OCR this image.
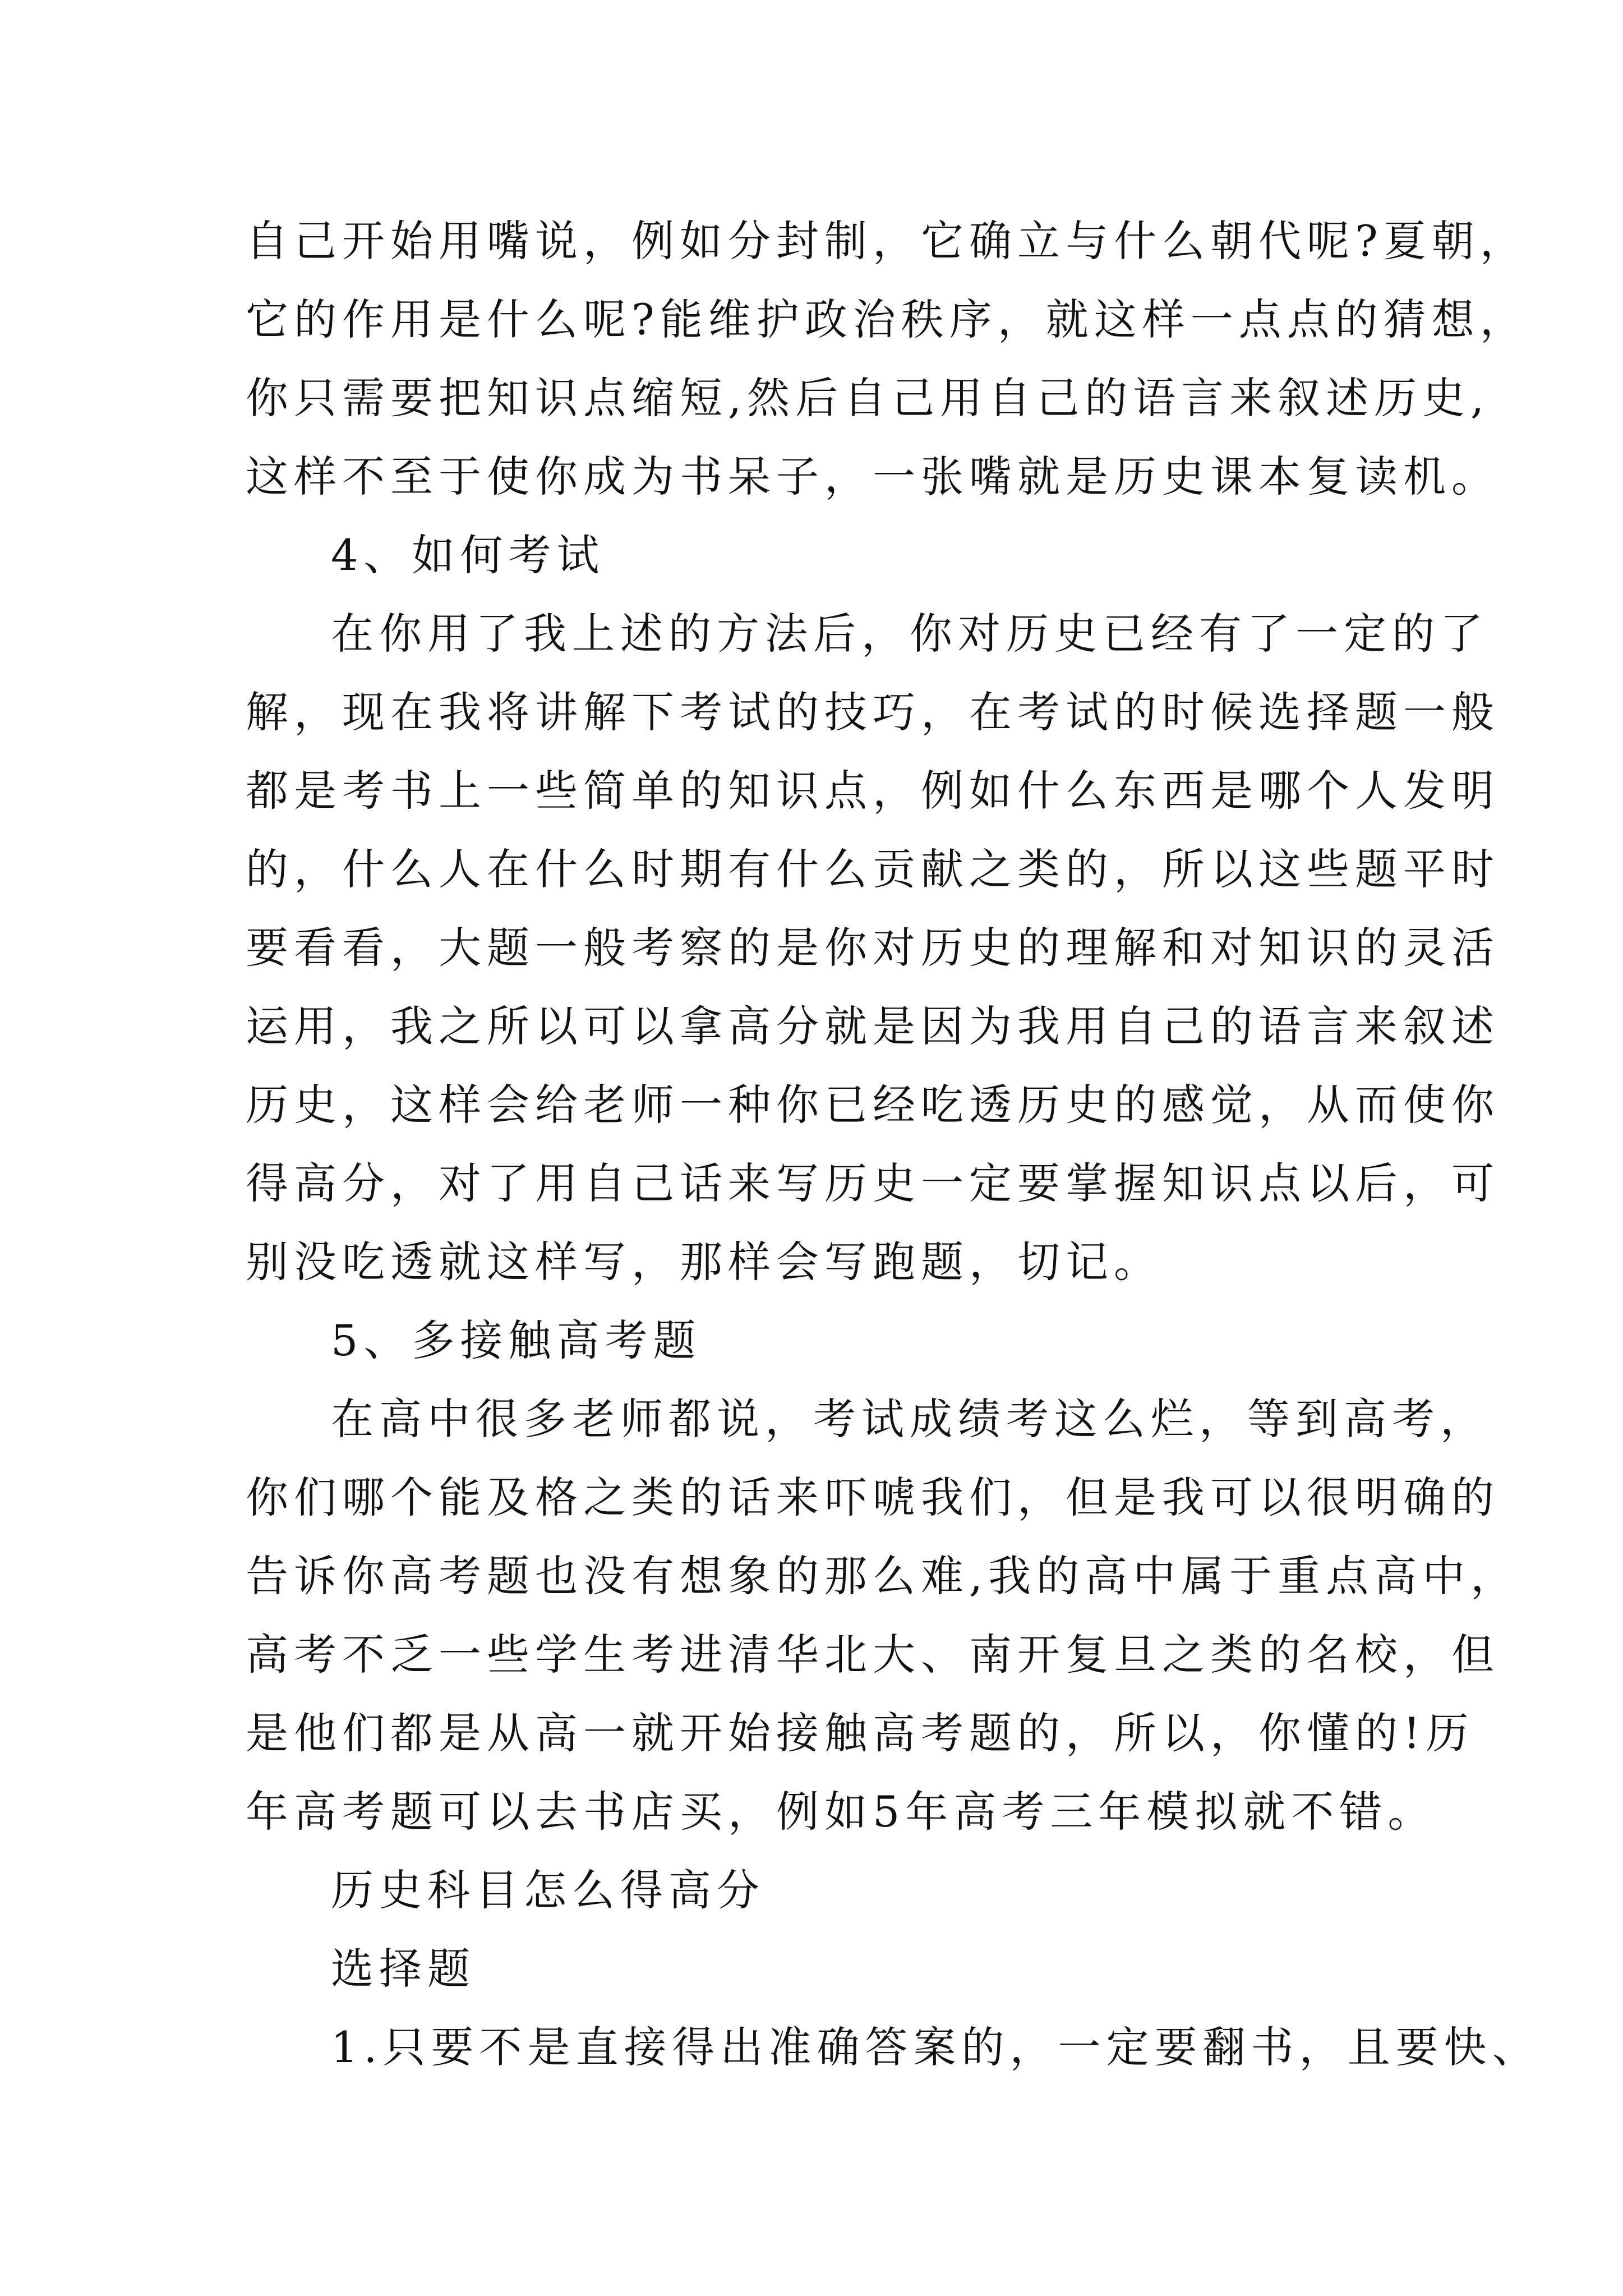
自己开始用嘴说，例如分封制，它确立与什么朝代呢?夏朝，
它的作用是什么呢?能维护政治秩序，就这样一点点的猜想，
你只需要把知识点缩短,然后自己用自己的语言来叙述历史,
这样不至于使你成为书呆子，一张嘴就是历史课本复读机。
4、如何考试
在你用了我上述的方法后，你对历史已经有了一定的了
解，现在我将讲解下考试的技巧，在考试的时候选择题一般
都是考书上一些简单的知识点，例如什么东西是哪个人发明
的，什么人在什么时期有什么贡献之类的，所以这些题平时
要看看，大题一般考察的是你对历史的理解和对知识的灵活
运用，我之所以可以拿高分就是因为我用自己的语言来叙述
历史，这样会给老师一种你已经吃透历史的感觉，从而使你
得高分，对了用自己话来写历史一定要掌握知识点以后，可
别没吃透就这样写，那样会写跑题，切记。
5、多接触高考题
在高中很多老师都说，考试成绩考这么烂，等到高考，
你们哪个能及格之类的话来吓唬我们，但是我可以很明确的
告诉你高考题也没有想象的那么难,我的高中属于重点高中，
高考不乏一些学生考进清华北大、南开复旦之类的名校，但
是他们都是从高一就开始接触高考题的，所以，你懂的!历
年高考题可以去书店买，例如5年高考三年模拟就不错。
历史科目怎么得高分
选择题
1.只要不是直接得出准确答案的，一定要翻书，且要快、
